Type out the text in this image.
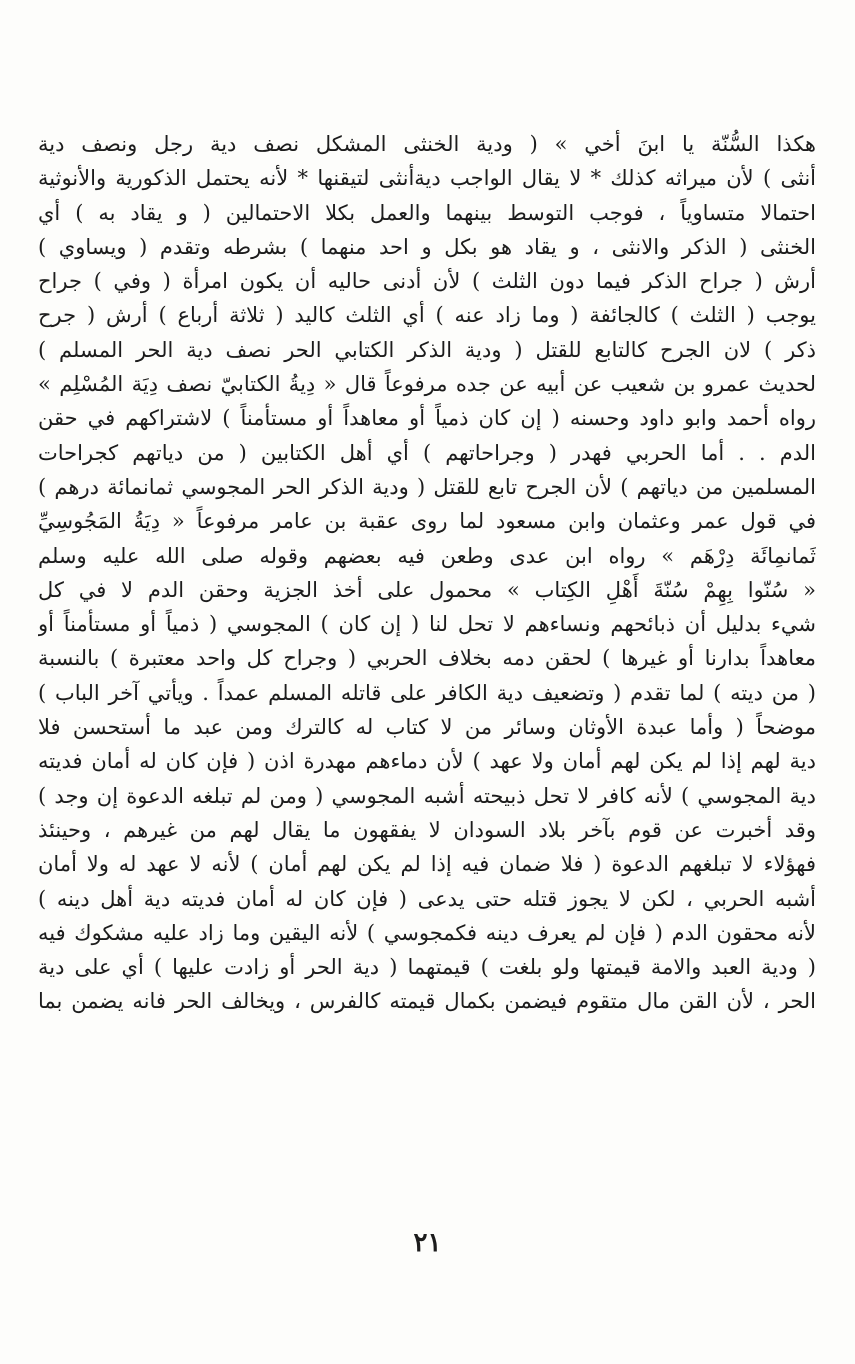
هكذا السُّنّة يا ابنَ أخي » ( ودية الخنثى المشكل نصف دية رجل ونصف دية
أنثى ) لأن ميراثه كذلك * لا يقال الواجب ديةأنثى لتيقنها * لأنه يحتمل الذكورية والأنوثية
احتمالا متساوياً ، فوجب التوسط بينهما والعمل بكلا الاحتمالين ( و يقاد به ) أي
الخنثى ( الذكر والانثى ، و يقاد هو بكل و احد منهما ) بشرطه وتقدم ( ويساوي )
أرش ( جراح الذكر فيما دون الثلث ) لأن أدنى حاليه أن يكون امرأة ( وفي ) جراح
يوجب ( الثلث ) كالجائفة ( وما زاد عنه ) أي الثلث كاليد ( ثلاثة أرباع ) أرش ( جرح
ذكر ) لان الجرح كالتابع للقتل ( ودية الذكر الكتابي الحر نصف دية الحر المسلم )
لحديث عمرو بن شعيب عن أبيه عن جده مرفوعاً قال « دِيةُ الكتابيّ نصف دِيَة المُسْلِم »
رواه أحمد وابو داود وحسنه ( إن كان ذمياً أو معاهداً أو مستأمناً ) لاشتراكهم في حقن
الدم . . أما الحربي فهدر ( وجراحاتهم ) أي أهل الكتابين ( من دياتهم كجراحات
المسلمين من دياتهم ) لأن الجرح تابع للقتل ( ودية الذكر الحر المجوسي ثمانمائة درهم )
في قول عمر وعثمان وابن مسعود لما روى عقبة بن عامر مرفوعاً « دِيَةُ المَجُوسِيِّ
ثَمانمِائَة دِرْهَم » رواه ابن عدى وطعن فيه بعضهم وقوله صلى الله عليه وسلم
« سُنّوا بِهِمْ سُنّةَ أَهْلِ الكِتاب » محمول على أخذ الجزية وحقن الدم لا في كل
شيء بدليل أن ذبائحهم ونساءهم لا تحل لنا ( إن كان ) المجوسي ( ذمياً أو مستأمناً أو
معاهداً بدارنا أو غيرها ) لحقن دمه بخلاف الحربي ( وجراح كل واحد معتبرة ) بالنسبة
( من ديته ) لما تقدم ( وتضعيف دية الكافر على قاتله المسلم عمداً . ويأتي آخر الباب )
موضحاً ( وأما عبدة الأوثان وسائر من لا كتاب له كالترك ومن عبد ما أستحسن فلا
دية لهم إذا لم يكن لهم أمان ولا عهد ) لأن دماءهم مهدرة اذن ( فإن كان له أمان فديته
دية المجوسي ) لأنه كافر لا تحل ذبيحته أشبه المجوسي ( ومن لم تبلغه الدعوة إن وجد )
وقد أخبرت عن قوم بآخر بلاد السودان لا يفقهون ما يقال لهم من غيرهم ، وحينئذ
فهؤلاء لا تبلغهم الدعوة ( فلا ضمان فيه إذا لم يكن لهم أمان ) لأنه لا عهد له ولا أمان
أشبه الحربي ، لكن لا يجوز قتله حتى يدعى ( فإن كان له أمان فديته دية أهل دينه )
لأنه محقون الدم ( فإن لم يعرف دينه فكمجوسي ) لأنه اليقين وما زاد عليه مشكوك فيه
( ودية العبد والامة قيمتها ولو بلغت ) قيمتهما ( دية الحر أو زادت عليها ) أي على دية
الحر ، لأن القن مال متقوم فيضمن بكمال قيمته كالفرس ، ويخالف الحر فانه يضمن بما
٢١
